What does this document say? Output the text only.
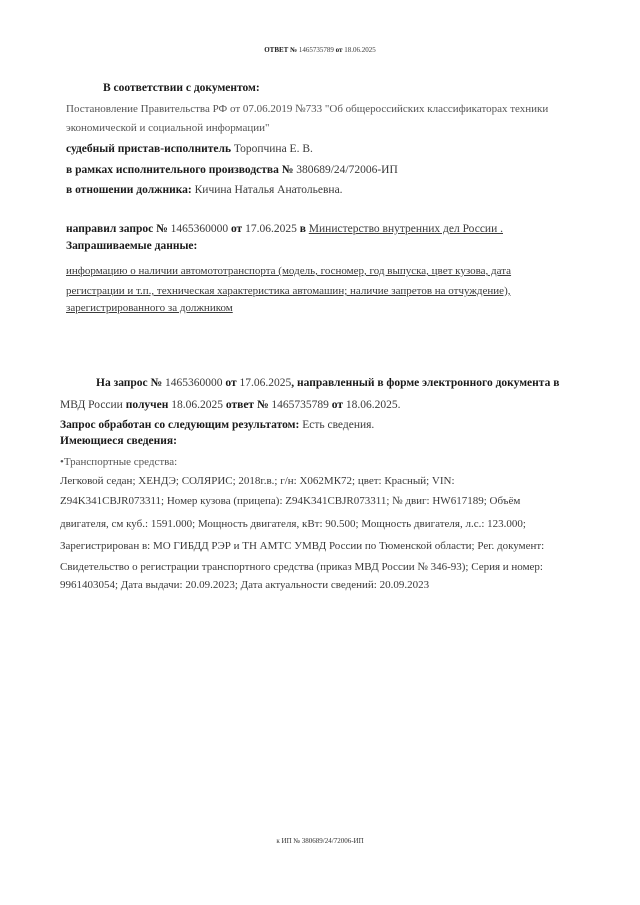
ОТВЕТ № 1465735789 от 18.06.2025
В соответствии с документом:
Постановление Правительства РФ от 07.06.2019 №733 "Об общероссийских классификаторах техники
экономической и социальной информации"
судебный пристав-исполнитель Торопчина Е. В.
в рамках исполнительного производства № 380689/24/72006-ИП
в отношении должника: Кичина Наталья Анатольевна.
направил запрос № 1465360000 от 17.06.2025 в Министерство внутренних дел России .
Запрашиваемые данные:
информацию о наличии автомототранспорта (модель, госномер, год выпуска, цвет кузова, дата
регистрации и т.п., техническая характеристика автомашин; наличие запретов на отчуждение),
зарегистрированного за должником
На запрос № 1465360000 от 17.06.2025, направленный в форме электронного документа в
МВД России получен 18.06.2025 ответ № 1465735789 от 18.06.2025.
Запрос обработан со следующим результатом: Есть сведения.
Имеющиеся сведения:
•Транспортные средства:
Легковой седан; ХЕНДЭ; СОЛЯРИС; 2018г.в.; г/н: Х062МК72; цвет: Красный; VIN:
Z94K341CBJR073311; Номер кузова (прицепа): Z94K341CBJR073311; № двиг: HW617189; Объём
двигателя, см куб.: 1591.000; Мощность двигателя, кВт: 90.500; Мощность двигателя, л.с.: 123.000;
Зарегистрирован в: МО ГИБДД РЭР и ТН АМТС УМВД России по Тюменской области; Рег. документ:
Свидетельство о регистрации транспортного средства (приказ МВД России № 346-93); Серия и номер:
9961403054; Дата выдачи: 20.09.2023; Дата актуальности сведений: 20.09.2023
к ИП № 380689/24/72006-ИП
